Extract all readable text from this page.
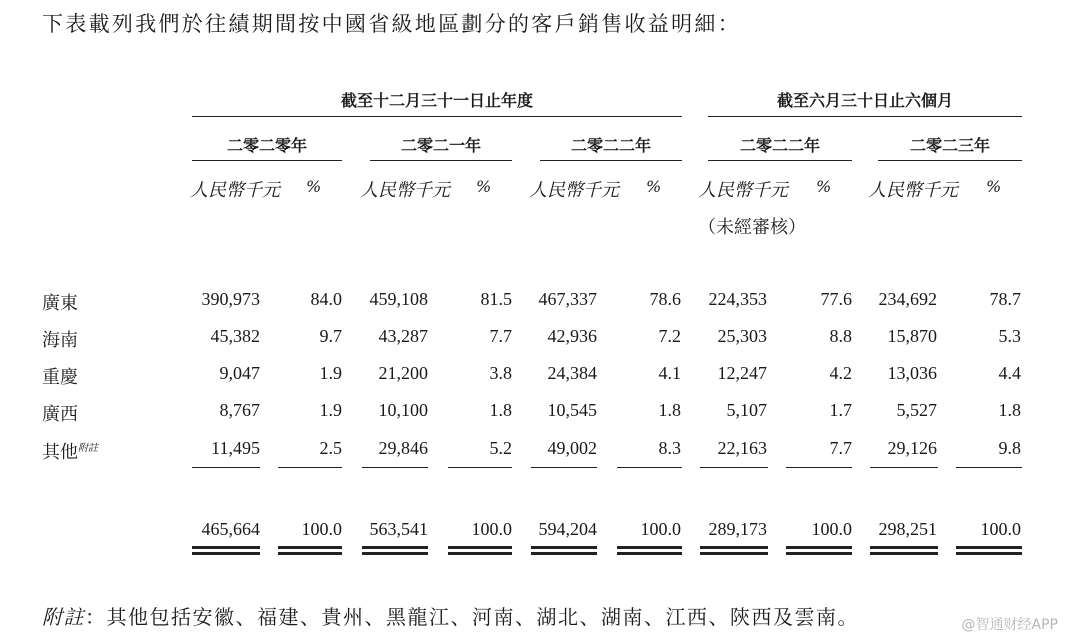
下表載列我們於往績期間按中國省級地區劃分的客戶銷售收益明細：
截至十二月三十一日止年度	截至六月三十日止六個月
二零二零年	二零二一年	二零二二年	二零二二年	二零二三年
人民幣千元 % 人民幣千元 % 人民幣千元 % 人民幣千元 % 人民幣千元 %
（未經審核）
廣東	390,973	84.0	459,108	81.5	467,337	78.6	224,353	77.6	234,692	78.7
海南	45,382	9.7	43,287	7.7	42,936	7.2	25,303	8.8	15,870	5.3
重慶	9,047	1.9	21,200	3.8	24,384	4.1	12,247	4.2	13,036	4.4
廣西	8,767	1.9	10,100	1.8	10,545	1.8	5,107	1.7	5,527	1.8
其他$^{附註}$	11,495	2.5	29,846	5.2	49,002	8.3	22,163	7.7	29,126	9.8
465,664	100.0	563,541	100.0	594,204	100.0	289,173	100.0	298,251	100.0
附註：其他包括安徽、福建、貴州、黑龍江、河南、湖北、湖南、江西、陝西及雲南。	@智通财经APP
